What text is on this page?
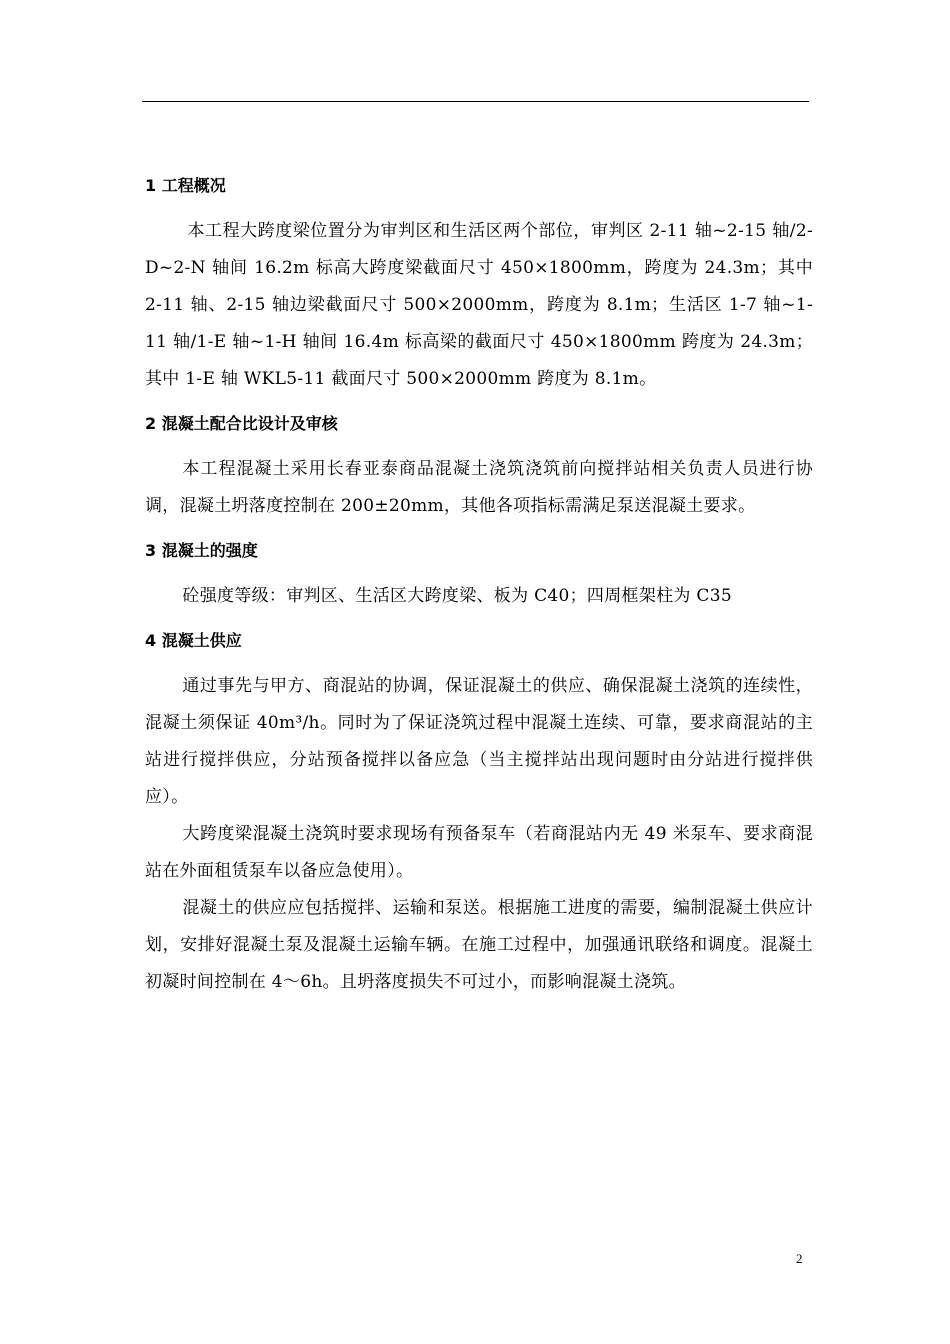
1 工程概况

本工程大跨度梁位置分为审判区和生活区两个部位，审判区 2-11 轴~2-15 轴/2-D~2-N 轴间 16.2m 标高大跨度梁截面尺寸 450×1800mm，跨度为 24.3m；其中 2-11 轴、2-15 轴边梁截面尺寸 500×2000mm，跨度为 8.1m；生活区 1-7 轴~1-11 轴/1-E 轴~1-H 轴间 16.4m 标高梁的截面尺寸 450×1800mm 跨度为 24.3m；其中 1-E 轴 WKL5-11 截面尺寸 500×2000mm 跨度为 8.1m。

2 混凝土配合比设计及审核

本工程混凝土采用长春亚泰商品混凝土浇筑浇筑前向搅拌站相关负责人员进行协调，混凝土坍落度控制在 200±20mm，其他各项指标需满足泵送混凝土要求。

3 混凝土的强度

砼强度等级：审判区、生活区大跨度梁、板为 C40；四周框架柱为 C35

4 混凝土供应

通过事先与甲方、商混站的协调，保证混凝土的供应、确保混凝土浇筑的连续性，混凝土须保证 40m³/h。同时为了保证浇筑过程中混凝土连续、可靠，要求商混站的主站进行搅拌供应，分站预备搅拌以备应急（当主搅拌站出现问题时由分站进行搅拌供应）。

大跨度梁混凝土浇筑时要求现场有预备泵车（若商混站内无 49 米泵车、要求商混站在外面租赁泵车以备应急使用）。

混凝土的供应应包括搅拌、运输和泵送。根据施工进度的需要，编制混凝土供应计划，安排好混凝土泵及混凝土运输车辆。在施工过程中，加强通讯联络和调度。混凝土初凝时间控制在 4～6h。且坍落度损失不可过小，而影响混凝土浇筑。

2
